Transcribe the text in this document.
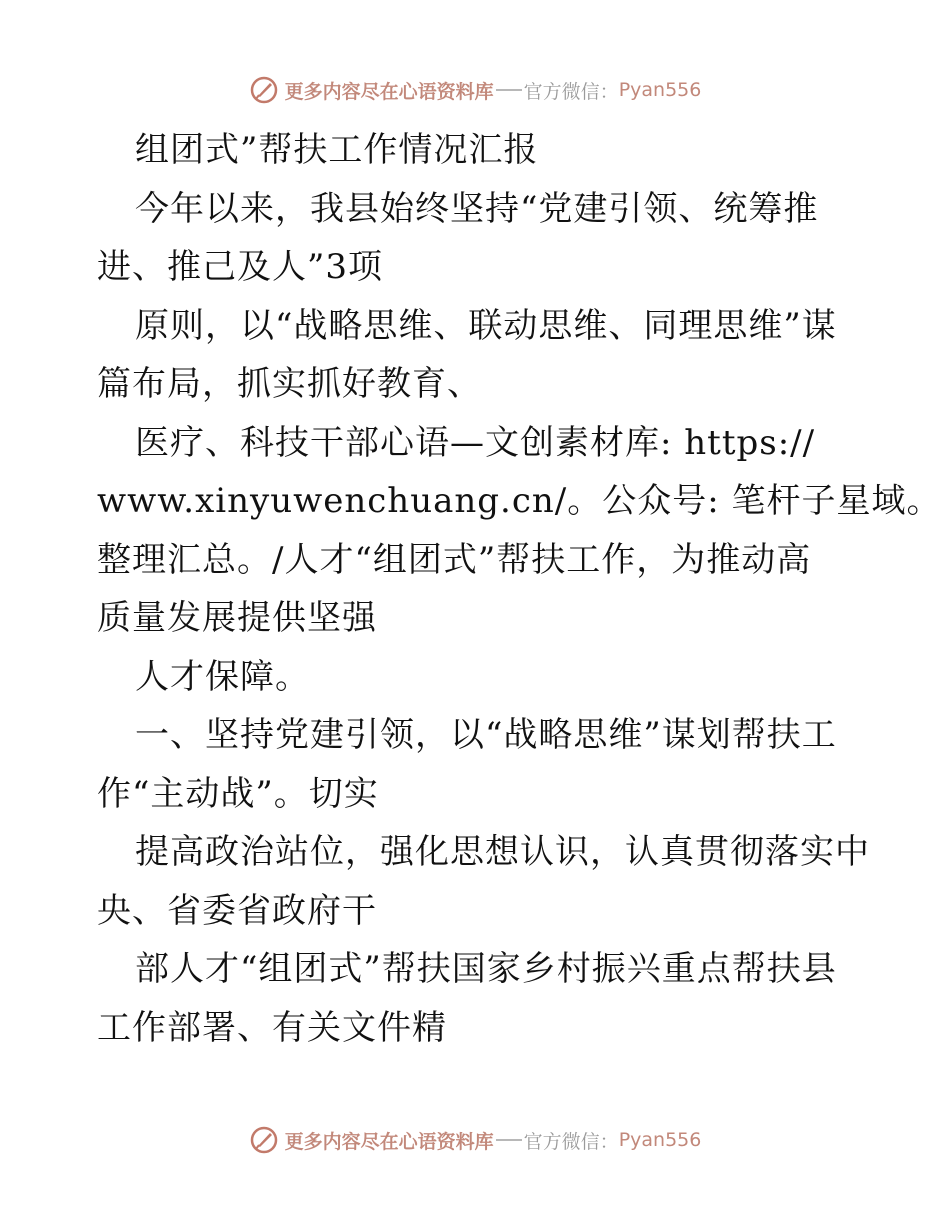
更多内容尽在心语资料库 官方微信： Pyan556
组团式”帮扶工作情况汇报
今年以来，我县始终坚持“党建引领、统筹推
进、推己及人”3项
原则，以“战略思维、联动思维、同理思维”谋
篇布局，抓实抓好教育、
医疗、科技干部心语—文创素材库: https://
www.xinyuwenchuang.cn/。公众号: 笔杆子星域。
整理汇总。/人才“组团式”帮扶工作，为推动高
质量发展提供坚强
人才保障。
一、坚持党建引领，以“战略思维”谋划帮扶工
作“主动战”。切实
提高政治站位，强化思想认识，认真贯彻落实中
央、省委省政府干
部人才“组团式”帮扶国家乡村振兴重点帮扶县
工作部署、有关文件精
更多内容尽在心语资料库 官方微信： Pyan556
